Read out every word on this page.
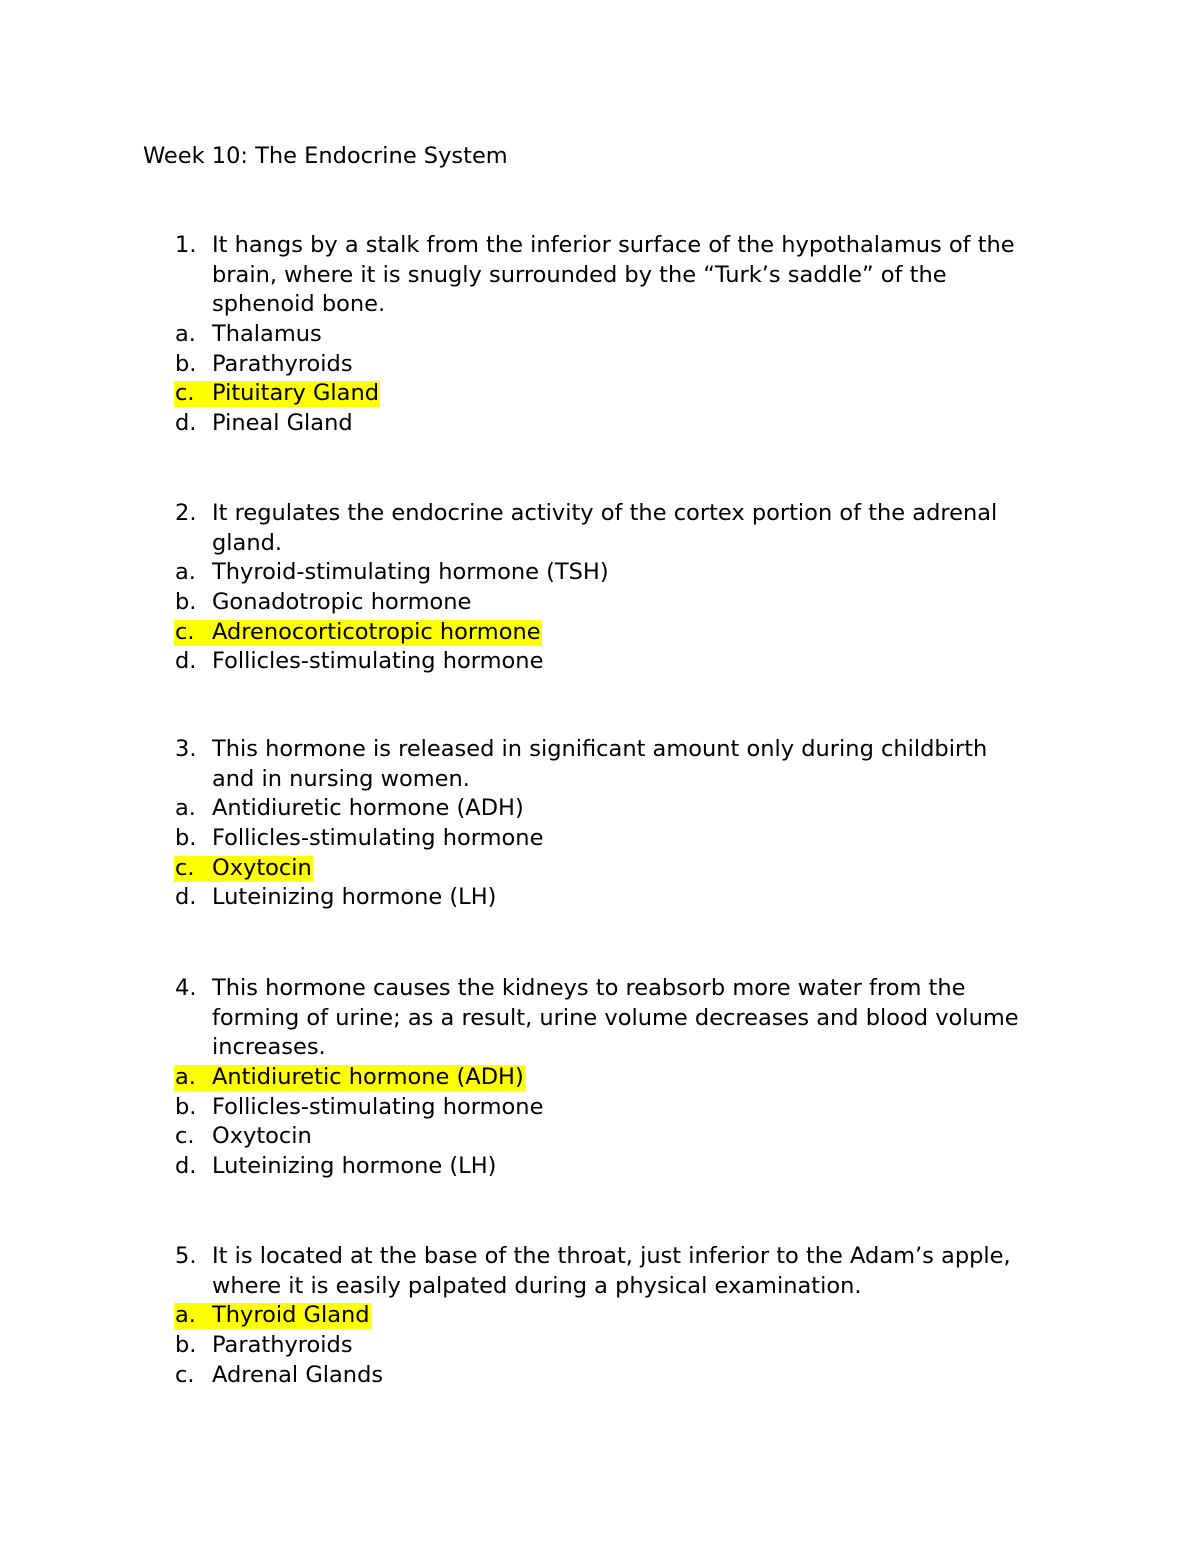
Week 10: The Endocrine System
1. It hangs by a stalk from the inferior surface of the hypothalamus of the
brain, where it is snugly surrounded by the “Turk’s saddle” of the
sphenoid bone.
a. Thalamus
b. Parathyroids
c. Pituitary Gland
d. Pineal Gland
2. It regulates the endocrine activity of the cortex portion of the adrenal
gland.
a. Thyroid-stimulating hormone (TSH)
b. Gonadotropic hormone
c. Adrenocorticotropic hormone
d. Follicles-stimulating hormone
3. This hormone is released in significant amount only during childbirth
and in nursing women.
a. Antidiuretic hormone (ADH)
b. Follicles-stimulating hormone
c. Oxytocin
d. Luteinizing hormone (LH)
4. This hormone causes the kidneys to reabsorb more water from the
forming of urine; as a result, urine volume decreases and blood volume
increases.
a. Antidiuretic hormone (ADH)
b. Follicles-stimulating hormone
c. Oxytocin
d. Luteinizing hormone (LH)
5. It is located at the base of the throat, just inferior to the Adam’s apple,
where it is easily palpated during a physical examination.
a. Thyroid Gland
b. Parathyroids
c. Adrenal Glands
